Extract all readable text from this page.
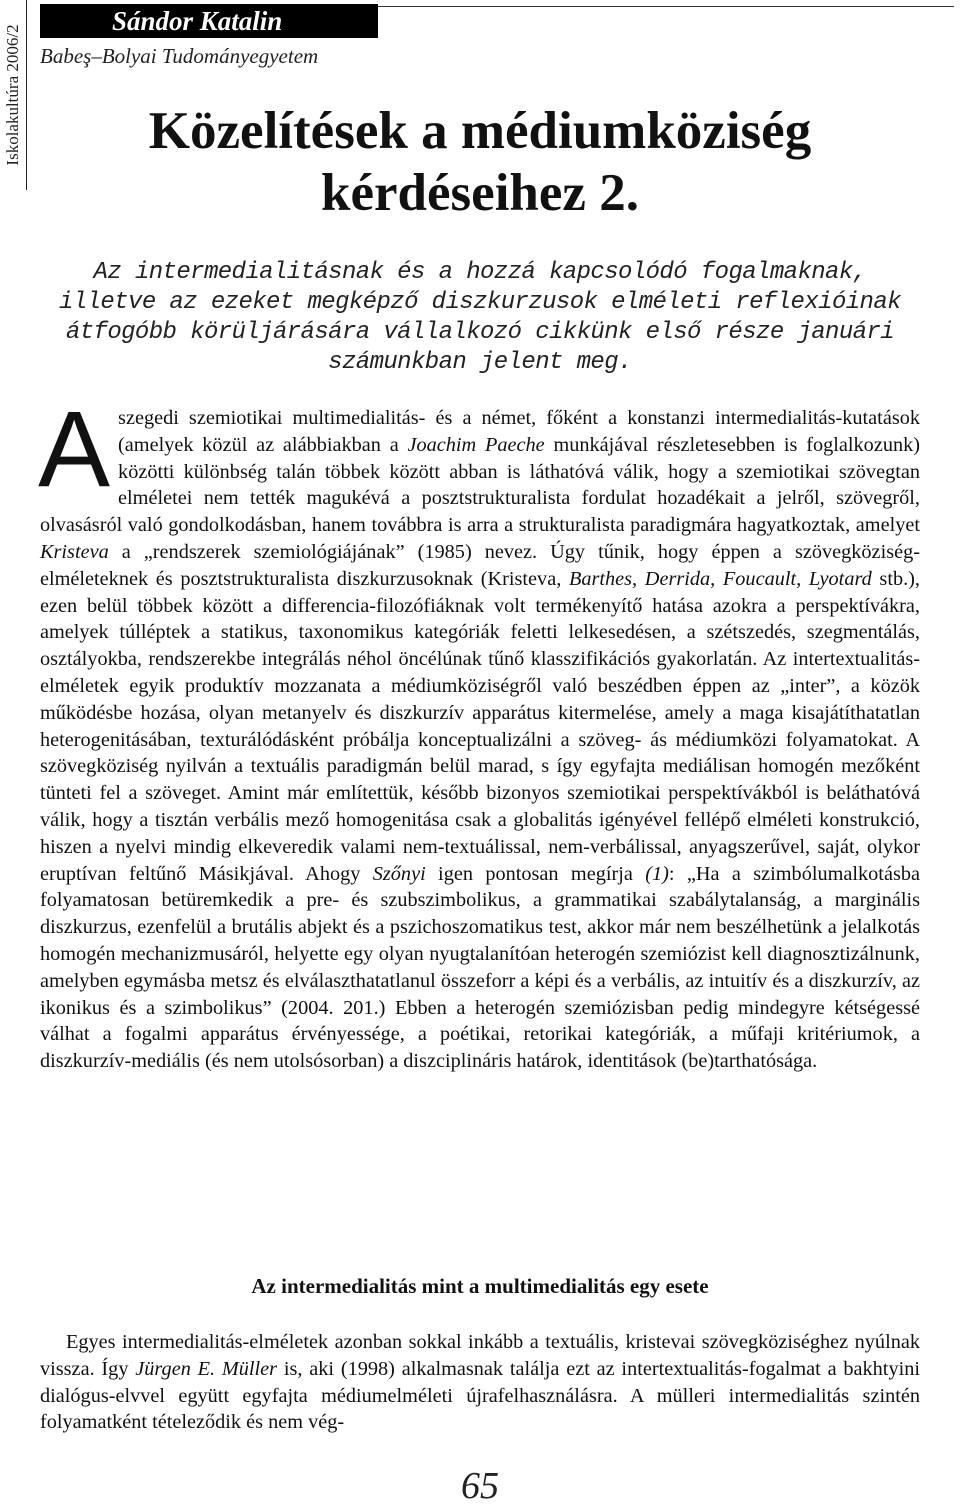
Iskolakultúra 2006/2
Sándor Katalin
Babeş–Bolyai Tudományegyetem
Közelítések a médiumköziség
kérdéseihez 2.
Az intermedialitásnak és a hozzá kapcsolódó fogalmaknak, illetve az ezeket megképző diszkurzusok elméleti reflexióinak átfogóbb körüljárására vállalkozó cikkünk első része januári számunkban jelent meg.
Aszegedi szemiotikai multimedialitás- és a német, főként a konstanzi intermedialitás-kutatások (amelyek közül az alábbiakban a Joachim Paeche munkájával részletesebben is foglalkozunk) közötti különbség talán többek között abban is láthatóvá válik, hogy a szemiotikai szövegtan elméletei nem tették magukévá a posztstrukturalista fordulat hozadékait a jelről, szövegről, olvasásról való gondolkodásban, hanem továbbra is arra a strukturalista paradigmára hagyatkoztak, amelyet Kristeva a „rendszerek szemiológiájának” (1985) nevez. Úgy tűnik, hogy éppen a szövegköziség-elméleteknek és posztstrukturalista diszkurzusoknak (Kristeva, Barthes, Derrida, Foucault, Lyotard stb.), ezen belül többek között a differencia-filozófiáknak volt termékenyítő hatása azokra a perspektívákra, amelyek túlléptek a statikus, taxonomikus kategóriák feletti lelkesedésen, a szétszedés, szegmentálás, osztályokba, rendszerekbe integrálás néhol öncélúnak tűnő klasszifikációs gyakorlatán. Az intertextualitás-elméletek egyik produktív mozzanata a médiumköziségről való beszédben éppen az „inter”, a közök működésbe hozása, olyan metanyelv és diszkurzív apparátus kitermelése, amely a maga kisajátíthatatlan heterogenitásában, texturálódásként próbálja konceptualizálni a szöveg- ás médiumközi folyamatokat. A szövegköziség nyilván a textuális paradigmán belül marad, s így egyfajta mediálisan homogén mezőként tünteti fel a szöveget. Amint már említettük, később bizonyos szemiotikai perspektívákból is beláthatóvá válik, hogy a tisztán verbális mező homogenitása csak a globalitás igényével fellépő elméleti konstrukció, hiszen a nyelvi mindig elkeveredik valami nem-textuálissal, nem-verbálissal, anyagszerűvel, saját, olykor eruptívan feltűnő Másikjával. Ahogy Szőnyi igen pontosan megírja (1): „Ha a szimbólumalkotásba folyamatosan betüremkedik a pre- és szubszimbolikus, a grammatikai szabálytalanság, a marginális diszkurzus, ezenfelül a brutális abjekt és a pszichoszomatikus test, akkor már nem beszélhetünk a jelalkotás homogén mechanizmusáról, helyette egy olyan nyugtalanítóan heterogén szemiózist kell diagnosztizálnunk, amelyben egymásba metsz és elválaszthatatlanul összeforr a képi és a verbális, az intuitív és a diszkurzív, az ikonikus és a szimbolikus” (2004. 201.) Ebben a heterogén szemiózisban pedig mindegyre kétségessé válhat a fogalmi apparátus érvényessége, a poétikai, retorikai kategóriák, a műfaji kritériumok, a diszkurzív-mediális (és nem utolsósorban) a diszciplináris határok, identitások (be)tarthatósága.
Az intermedialitás mint a multimedialitás egy esete
Egyes intermedialitás-elméletek azonban sokkal inkább a textuális, kristevai szövegköziséghez nyúlnak vissza. Így Jürgen E. Müller is, aki (1998) alkalmasnak találja ezt az intertextualitás-fogalmat a bakhtyini dialógus-elvvel együtt egyfajta médiumelméleti újrafelhasználásra. A mülleri intermedialitás szintén folyamatként tételeződik és nem vég-
65
